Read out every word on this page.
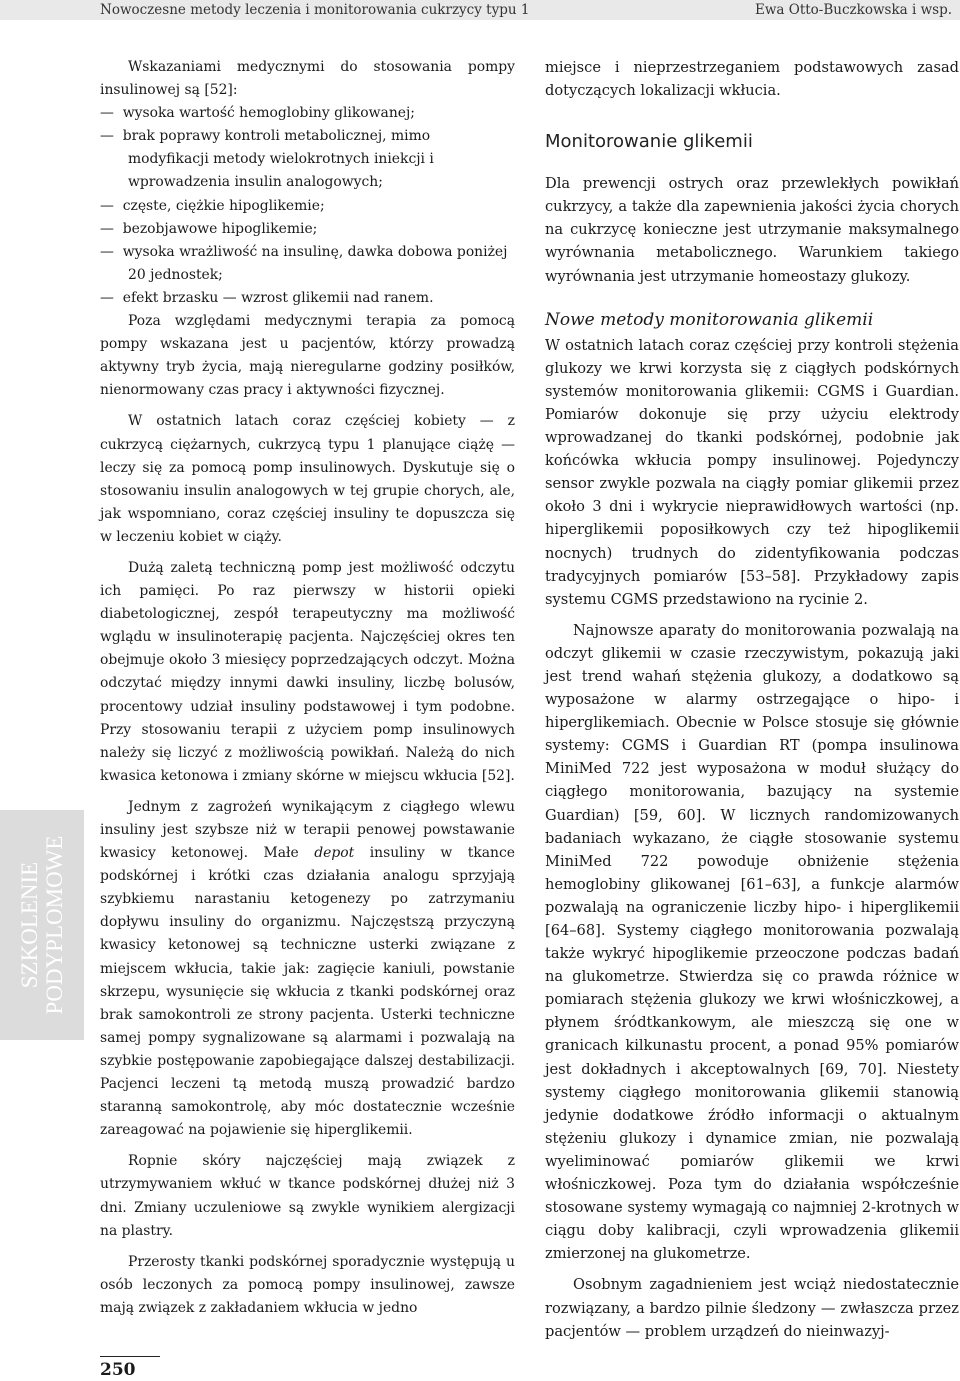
Nowoczesne metody leczenia i monitorowania cukrzycy typu 1	Ewa Otto-Buczkowska i wsp.
SZKOLENIE PODYPLOMOWE

Wskazaniami medycznymi do stosowania pompy insulinowej są [52]:

—  wysoka wartość hemoglobiny glikowanej;

—  brak poprawy kontroli metabolicznej, mimo modyfikacji metody wielokrotnych iniekcji i wprowadzenia insulin analogowych;

—  częste, ciężkie hipoglikemie;

—  bezobjawowe hipoglikemie;

—  wysoka wrażliwość na insulinę, dawka dobowa poniżej 20 jednostek;

—  efekt brzasku — wzrost glikemii nad ranem.

Poza względami medycznymi terapia za pomocą pompy wskazana jest u pacjentów, którzy prowadzą aktywny tryb życia, mają nieregularne godziny posiłków, nienormowany czas pracy i aktywności fizycznej.

W ostatnich latach coraz częściej kobiety — z cukrzycą ciężarnych, cukrzycą typu 1 planujące ciążę — leczy się za pomocą pomp insulinowych. Dyskutuje się o stosowaniu insulin analogowych w tej grupie chorych, ale, jak wspomniano, coraz częściej insuliny te dopuszcza się w leczeniu kobiet w ciąży.

Dużą zaletą techniczną pomp jest możliwość odczytu ich pamięci. Po raz pierwszy w historii opieki diabetologicznej, zespół terapeutyczny ma możliwość wglądu w insulinoterapię pacjenta. Najczęściej okres ten obejmuje około 3 miesięcy poprzedzających odczyt. Można odczytać między innymi dawki insuliny, liczbę bolusów, procentowy udział insuliny podstawowej i tym podobne. Przy stosowaniu terapii z użyciem pomp insulinowych należy się liczyć z możliwością powikłań. Należą do nich kwasica ketonowa i zmiany skórne w miejscu wkłucia [52].

Jednym z zagrożeń wynikającym z ciągłego wlewu insuliny jest szybsze niż w terapii penowej powstawanie kwasicy ketonowej. Małe depot insuliny w tkance podskórnej i krótki czas działania analogu sprzyjają szybkiemu narastaniu ketogenezy po zatrzymaniu dopływu insuliny do organizmu. Najczęstszą przyczyną kwasicy ketonowej są techniczne usterki związane z miejscem wkłucia, takie jak: zagięcie kaniuli, powstanie skrzepu, wysunięcie się wkłucia z tkanki podskórnej oraz brak samokontroli ze strony pacjenta. Usterki techniczne samej pompy sygnalizowane są alarmami i pozwalają na szybkie postępowanie zapobiegające dalszej destabilizacji. Pacjenci leczeni tą metodą muszą prowadzić bardzo staranną samokontrolę, aby móc dostatecznie wcześnie zareagować na pojawienie się hiperglikemii.

Ropnie skóry najczęściej mają związek z utrzymywaniem wkłuć w tkance podskórnej dłużej niż 3 dni. Zmiany uczuleniowe są zwykle wynikiem alergizacji na plastry.

Przerosty tkanki podskórnej sporadycznie występują u osób leczonych za pomocą pompy insulinowej, zawsze mają związek z zakładaniem wkłucia w jedno

miejsce i nieprzestrzeganiem podstawowych zasad dotyczących lokalizacji wkłucia.

Monitorowanie glikemii

Dla prewencji ostrych oraz przewlekłych powikłań cukrzycy, a także dla zapewnienia jakości życia chorych na cukrzycę konieczne jest utrzymanie maksymalnego wyrównania metabolicznego. Warunkiem takiego wyrównania jest utrzymanie homeostazy glukozy.

Nowe metody monitorowania glikemii

W ostatnich latach coraz częściej przy kontroli stężenia glukozy we krwi korzysta się z ciągłych podskórnych systemów monitorowania glikemii: CGMS i Guardian. Pomiarów dokonuje się przy użyciu elektrody wprowadzanej do tkanki podskórnej, podobnie jak końcówka wkłucia pompy insulinowej. Pojedynczy sensor zwykle pozwala na ciągły pomiar glikemii przez około 3 dni i wykrycie nieprawidłowych wartości (np. hiperglikemii poposiłkowych czy też hipoglikemii nocnych) trudnych do zidentyfikowania podczas tradycyjnych pomiarów [53–58]. Przykładowy zapis systemu CGMS przedstawiono na rycinie 2.

Najnowsze aparaty do monitorowania pozwalają na odczyt glikemii w czasie rzeczywistym, pokazują jaki jest trend wahań stężenia glukozy, a dodatkowo są wyposażone w alarmy ostrzegające o hipo- i hiperglikemiach. Obecnie w Polsce stosuje się głównie systemy: CGMS i Guardian RT (pompa insulinowa MiniMed 722 jest wyposażona w moduł służący do ciągłego monitorowania, bazujący na systemie Guardian) [59, 60]. W licznych randomizowanych badaniach wykazano, że ciągłe stosowanie systemu MiniMed 722 powoduje obniżenie stężenia hemoglobiny glikowanej [61–63], a funkcje alarmów pozwalają na ograniczenie liczby hipo- i hiperglikemii [64–68]. Systemy ciągłego monitorowania pozwalają także wykryć hipoglikemie przeoczone podczas badań na glukometrze. Stwierdza się co prawda różnice w pomiarach stężenia glukozy we krwi włośniczkowej, a płynem śródtkankowym, ale mieszczą się one w granicach kilkunastu procent, a ponad 95% pomiarów jest dokładnych i akceptowalnych [69, 70]. Niestety systemy ciągłego monitorowania glikemii stanowią jedynie dodatkowe źródło informacji o aktualnym stężeniu glukozy i dynamice zmian, nie pozwalają wyeliminować pomiarów glikemii we krwi włośniczkowej. Poza tym do działania współcześnie stosowane systemy wymagają co najmniej 2-krotnych w ciągu doby kalibracji, czyli wprowadzenia glikemii zmierzonej na glukometrze.

Osobnym zagadnieniem jest wciąż niedostatecznie rozwiązany, a bardzo pilnie śledzony — zwłaszcza przez pacjentów — problem urządzeń do nieinwazyj-

250
